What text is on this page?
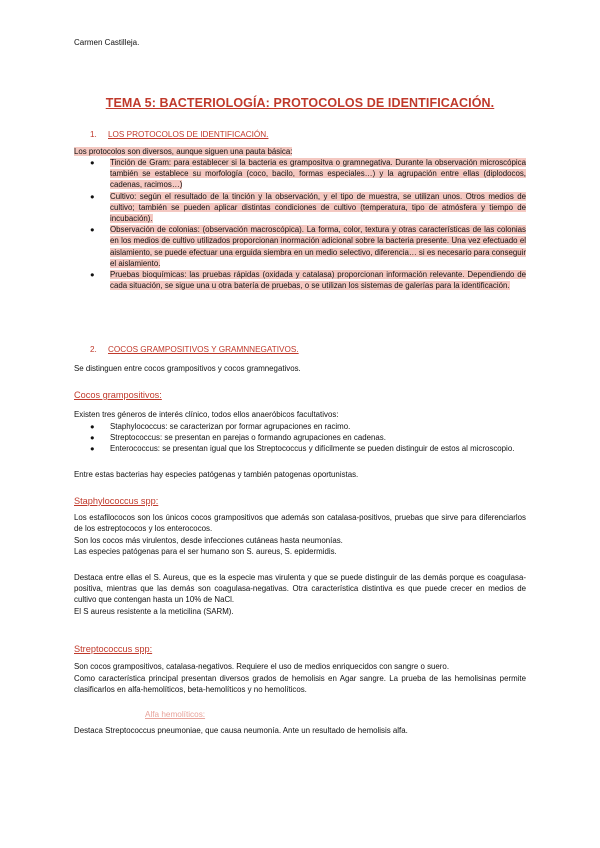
Carmen Castilleja.
TEMA 5: BACTERIOLOGÍA: PROTOCOLOS DE IDENTIFICACIÓN.
1. LOS PROTOCOLOS DE IDENTIFICACIÓN.
Los protocolos son diversos, aunque siguen una pauta básica:
● Tinción de Gram: para establecer si la bacteria es grampositva o gramnegativa. Durante la observación microscópica también se establece su morfología (coco, bacilo, formas especiales…) y la agrupación entre ellas (diplodocos, cadenas, racimos…)
● Cultivo: según el resultado de la tinción y la observación, y el tipo de muestra, se utilizan unos. Otros medios de cultivo; también se pueden aplicar distintas condiciones de cultivo (temperatura, tipo de atmósfera y tiempo de incubación).
● Observación de colonias: (observación macroscópica). La forma, color, textura y otras características de las colonias en los medios de cultivo utilizados proporcionan inormación adicional sobre la bacteria presente. Una vez efectuado el aislamiento, se puede efectuar una erguida siembra en un medio selectivo, diferencia… si es necesario para conseguir el aislamiento.
● Pruebas bioquímicas: las pruebas rápidas (oxidada y catalasa) proporcionan información relevante. Dependiendo de cada situación, se sigue una u otra batería de pruebas, o se utilizan los sistemas de galerías para la identificación.
2. COCOS GRAMPOSITIVOS Y GRAMNNEGATIVOS.
Se distinguen entre cocos grampositivos y cocos gramnegativos.
Cocos grampositivos:
Existen tres géneros de interés clínico, todos ellos anaeróbicos facultativos:
● Staphylococcus: se caracterizan por formar agrupaciones en racimo.
● Streptococcus: se presentan en parejas o formando agrupaciones en cadenas.
● Enterococcus: se presentan igual que los Streptococcus y difícilmente se pueden distinguir de estos al microscopio.
Entre estas bacterias hay especies patógenas y también patogenas oportunistas.
Staphylococcus spp:
Los estafilococos son los únicos cocos grampositivos que además son catalasa-positivos, pruebas que sirve para diferenciarlos de los estreptococos y los enterococos.
Son los cocos más virulentos, desde infecciones cutáneas hasta neumonías.
Las especies patógenas para el ser humano son S. aureus, S. epidermidis.
Destaca entre ellas el S. Aureus, que es la especie mas virulenta y que se puede distinguir de las demás porque es coagulasa-positiva, mientras que las demás son coagulasa-negativas. Otra característica distintiva es que puede crecer en medios de cultivo que contengan hasta un 10% de NaCl.
El S aureus resistente a la meticilina (SARM).
Streptococcus spp:
Son cocos grampositivos, catalasa-negativos. Requiere el uso de medios enriquecidos con sangre o suero.
Como característica principal presentan diversos grados de hemolisis en Agar sangre. La prueba de las hemolisinas permite clasificarlos en alfa-hemolíticos, beta-hemolíticos y no hemolíticos.
Alfa hemolíticos:
Destaca Streptococcus pneumoniae, que causa neumonía. Ante un resultado de hemolisis alfa.
